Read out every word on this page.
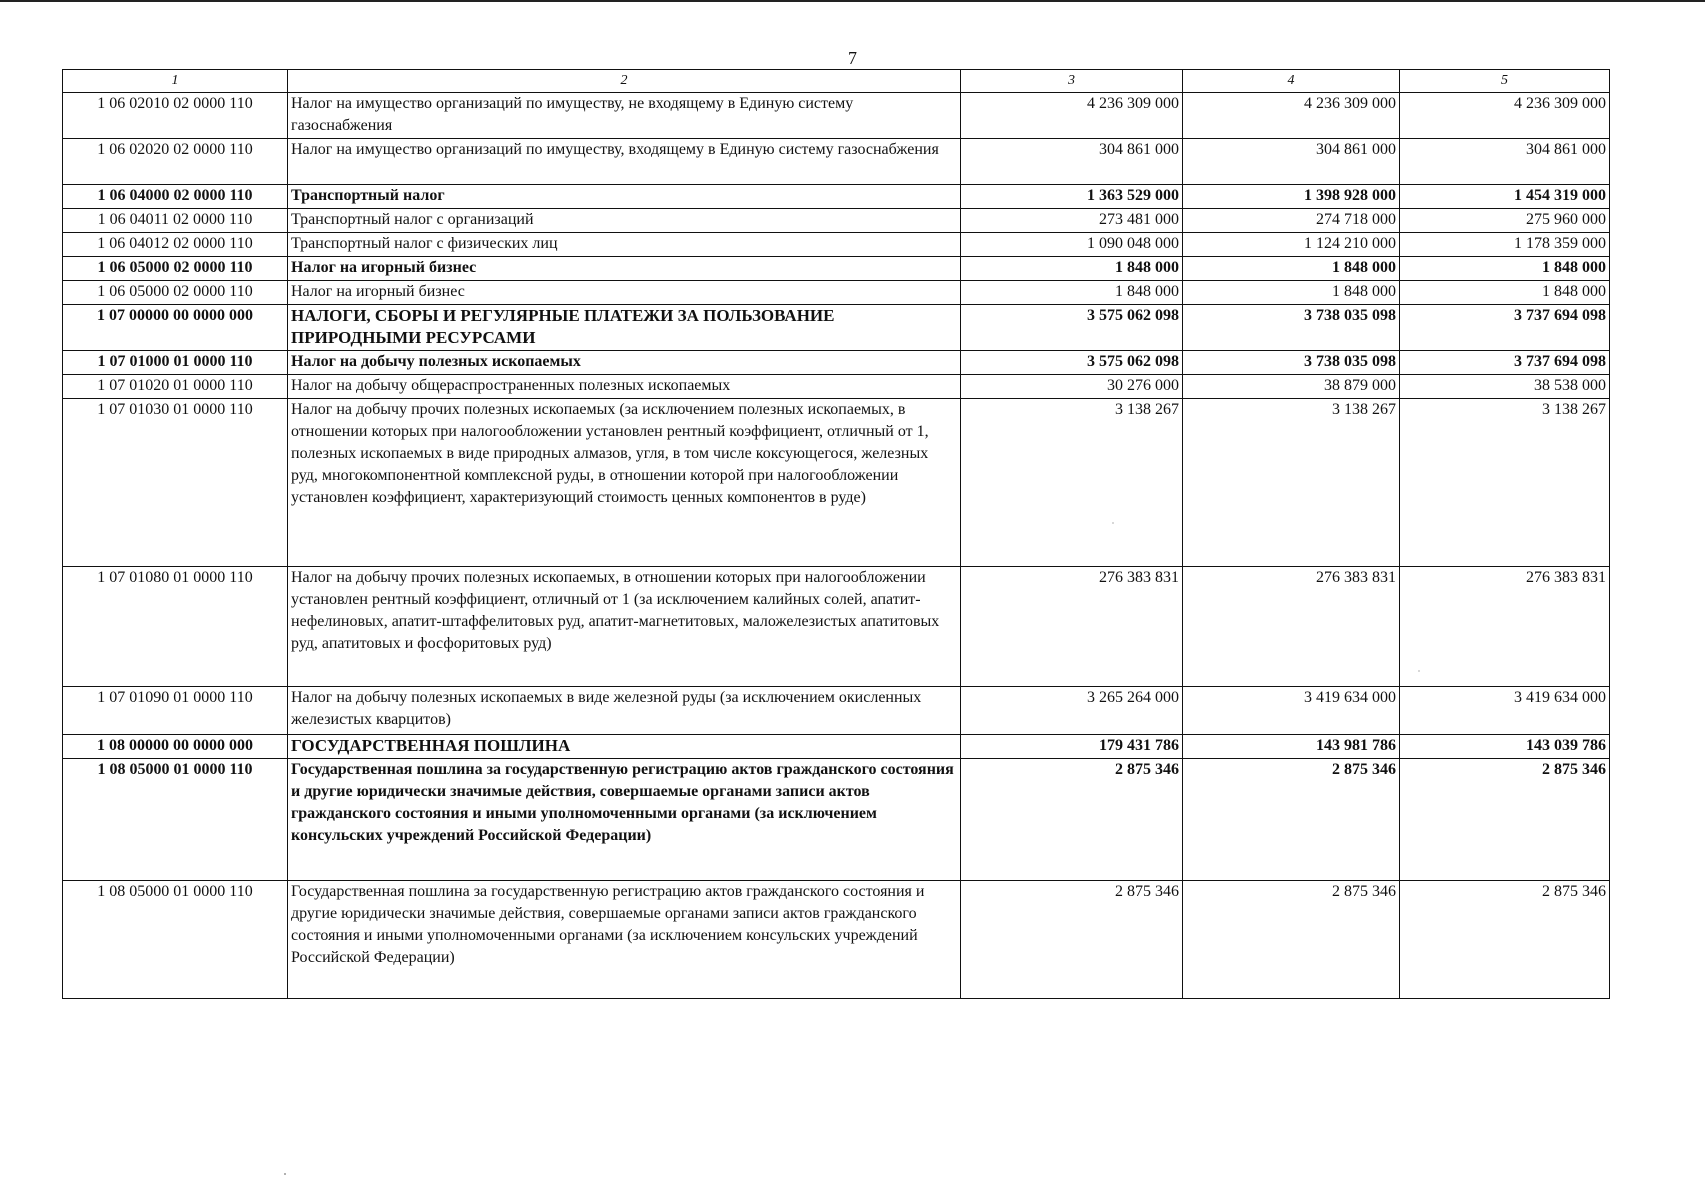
7
1	2	3	4	5
1 06 02010 02 0000 110	Налог на имущество организаций по имуществу, не входящему в Единую систему газоснабжения	4 236 309 000	4 236 309 000	4 236 309 000
1 06 02020 02 0000 110	Налог на имущество организаций по имуществу, входящему в Единую систему газоснабжения	304 861 000	304 861 000	304 861 000
1 06 04000 02 0000 110	Транспортный налог	1 363 529 000	1 398 928 000	1 454 319 000
1 06 04011 02 0000 110	Транспортный налог с организаций	273 481 000	274 718 000	275 960 000
1 06 04012 02 0000 110	Транспортный налог с физических лиц	1 090 048 000	1 124 210 000	1 178 359 000
1 06 05000 02 0000 110	Налог на игорный бизнес	1 848 000	1 848 000	1 848 000
1 06 05000 02 0000 110	Налог на игорный бизнес	1 848 000	1 848 000	1 848 000
1 07 00000 00 0000 000	НАЛОГИ, СБОРЫ И РЕГУЛЯРНЫЕ ПЛАТЕЖИ ЗА ПОЛЬЗОВАНИЕ ПРИРОДНЫМИ РЕСУРСАМИ	3 575 062 098	3 738 035 098	3 737 694 098
1 07 01000 01 0000 110	Налог на добычу полезных ископаемых	3 575 062 098	3 738 035 098	3 737 694 098
1 07 01020 01 0000 110	Налог на добычу общераспространенных полезных ископаемых	30 276 000	38 879 000	38 538 000
1 07 01030 01 0000 110	Налог на добычу прочих полезных ископаемых (за исключением полезных ископаемых, в отношении которых при налогообложении установлен рентный коэффициент, отличный от 1, полезных ископаемых в виде природных алмазов, угля, в том числе коксующегося, железных руд, многокомпонентной комплексной руды, в отношении которой при налогообложении установлен коэффициент, характеризующий стоимость ценных компонентов в руде)	3 138 267	3 138 267	3 138 267
1 07 01080 01 0000 110	Налог на добычу прочих полезных ископаемых, в отношении которых при налогообложении установлен рентный коэффициент, отличный от 1 (за исключением калийных солей, апатит-нефелиновых, апатит-штаффелитовых руд, апатит-магнетитовых, маложелезистых апатитовых руд, апатитовых и фосфоритовых руд)	276 383 831	276 383 831	276 383 831
1 07 01090 01 0000 110	Налог на добычу полезных ископаемых в виде железной руды (за исключением окисленных железистых кварцитов)	3 265 264 000	3 419 634 000	3 419 634 000
1 08 00000 00 0000 000	ГОСУДАРСТВЕННАЯ ПОШЛИНА	179 431 786	143 981 786	143 039 786
1 08 05000 01 0000 110	Государственная пошлина за государственную регистрацию актов гражданского состояния и другие юридически значимые действия, совершаемые органами записи актов гражданского состояния и иными уполномоченными органами (за исключением консульских учреждений Российской Федерации)	2 875 346	2 875 346	2 875 346
1 08 05000 01 0000 110	Государственная пошлина за государственную регистрацию актов гражданского состояния и другие юридически значимые действия, совершаемые органами записи актов гражданского состояния и иными уполномоченными органами (за исключением консульских учреждений Российской Федерации)	2 875 346	2 875 346	2 875 346
